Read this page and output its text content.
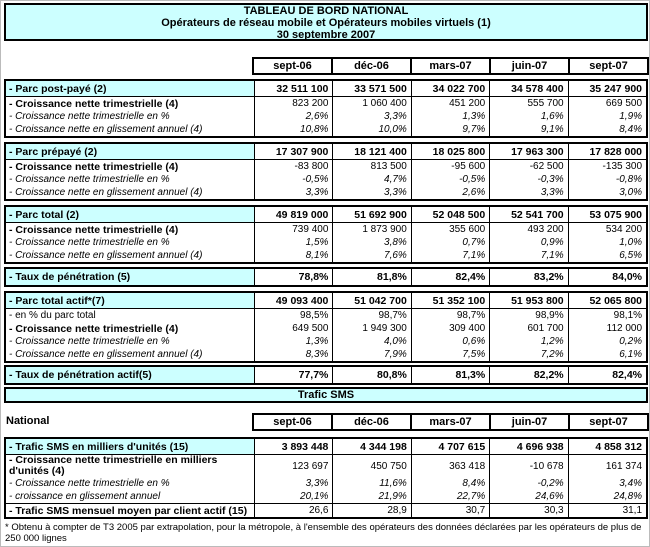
TABLEAU DE BORD NATIONAL
Opérateurs de réseau mobile et Opérateurs mobiles virtuels (1)
30 septembre 2007
sept-06	déc-06	mars-07	juin-07	sept-07
- Parc post-payé (2)	32 511 100	33 571 500	34 022 700	34 578 400	35 247 900
- Croissance nette trimestrielle (4)	823 200	1 060 400	451 200	555 700	669 500
- Croissance nette trimestrielle en %	2,6%	3,3%	1,3%	1,6%	1,9%
- Croissance nette en glissement annuel (4)	10,8%	10,0%	9,7%	9,1%	8,4%
- Parc prépayé (2)	17 307 900	18 121 400	18 025 800	17 963 300	17 828 000
- Croissance nette trimestrielle (4)	-83 800	813 500	-95 600	-62 500	-135 300
- Croissance nette trimestrielle en %	-0,5%	4,7%	-0,5%	-0,3%	-0,8%
- Croissance nette en glissement annuel (4)	3,3%	3,3%	2,6%	3,3%	3,0%
- Parc total (2)	49 819 000	51 692 900	52 048 500	52 541 700	53 075 900
- Croissance nette trimestrielle (4)	739 400	1 873 900	355 600	493 200	534 200
- Croissance nette trimestrielle en %	1,5%	3,8%	0,7%	0,9%	1,0%
- Croissance nette en glissement annuel (4)	8,1%	7,6%	7,1%	7,1%	6,5%
- Taux de pénétration (5)	78,8%	81,8%	82,4%	83,2%	84,0%
- Parc total actif*(7)	49 093 400	51 042 700	51 352 100	51 953 800	52 065 800
- en % du parc total	98,5%	98,7%	98,7%	98,9%	98,1%
- Croissance nette trimestrielle (4)	649 500	1 949 300	309 400	601 700	112 000
- Croissance nette trimestrielle en %	1,3%	4,0%	0,6%	1,2%	0,2%
- Croissance nette en glissement annuel (4)	8,3%	7,9%	7,5%	7,2%	6,1%
- Taux de pénétration actif(5)	77,7%	80,8%	81,3%	82,2%	82,4%
Trafic SMS
National	sept-06	déc-06	mars-07	juin-07	sept-07
- Trafic SMS en milliers d'unités (15)	3 893 448	4 344 198	4 707 615	4 696 938	4 858 312
- Croissance nette trimestrielle en milliers d'unités (4)	123 697	450 750	363 418	-10 678	161 374
- Croissance nette trimestrielle en %	3,3%	11,6%	8,4%	-0,2%	3,4%
- croissance en glissement annuel	20,1%	21,9%	22,7%	24,6%	24,8%
- Trafic SMS mensuel moyen par client actif (15)	26,6	28,9	30,7	30,3	31,1
* Obtenu à compter de T3 2005 par extrapolation, pour la métropole, à l'ensemble des opérateurs des données déclarées par les opérateurs de plus de 250 000 lignes
